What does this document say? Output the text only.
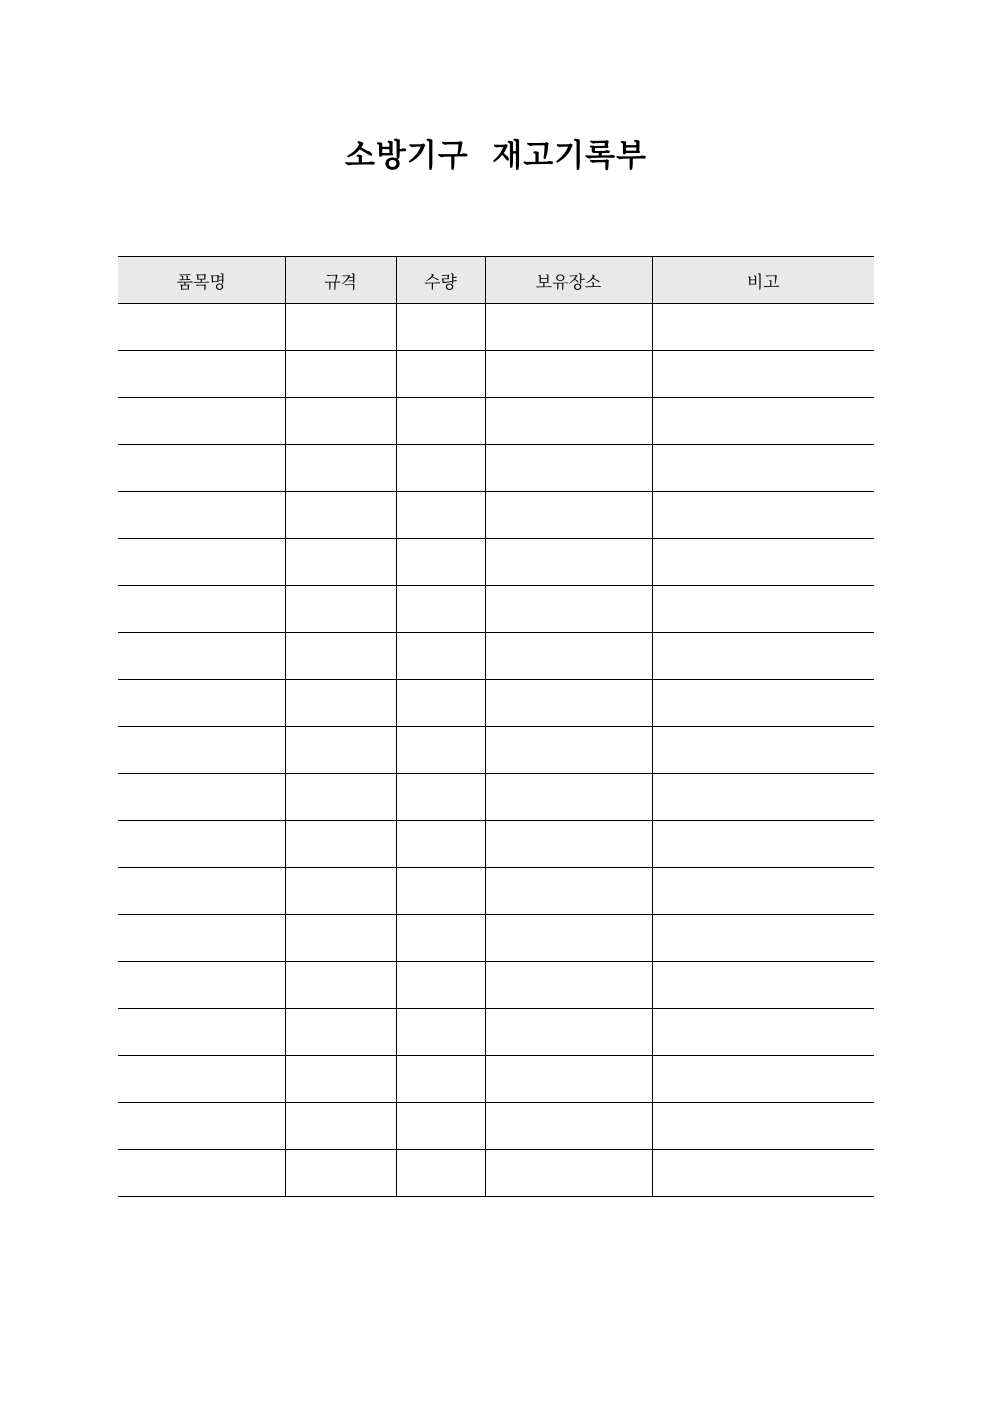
소방기구  재고기록부
품목명	규격	수량	보유장소	비고
